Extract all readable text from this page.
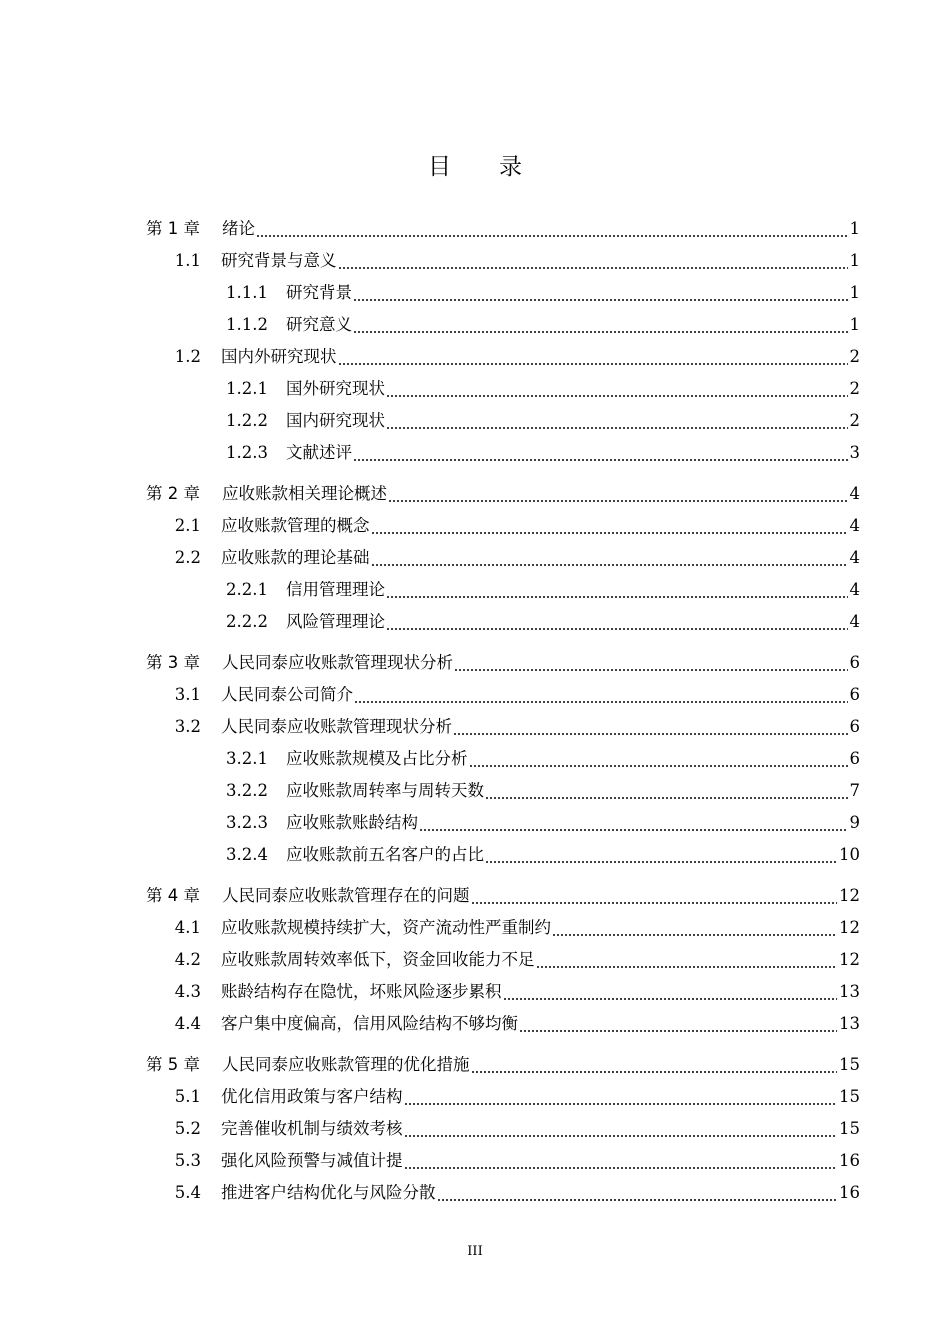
目 录
第 1 章 绪论	1
1.1 研究背景与意义	1
1.1.1 研究背景	1
1.1.2 研究意义	1
1.2 国内外研究现状	2
1.2.1 国外研究现状	2
1.2.2 国内研究现状	2
1.2.3 文献述评	3
第 2 章 应收账款相关理论概述	4
2.1 应收账款管理的概念	4
2.2 应收账款的理论基础	4
2.2.1 信用管理理论	4
2.2.2 风险管理理论	4
第 3 章 人民同泰应收账款管理现状分析	6
3.1 人民同泰公司简介	6
3.2 人民同泰应收账款管理现状分析	6
3.2.1 应收账款规模及占比分析	6
3.2.2 应收账款周转率与周转天数	7
3.2.3 应收账款账龄结构	9
3.2.4 应收账款前五名客户的占比	10
第 4 章 人民同泰应收账款管理存在的问题	12
4.1 应收账款规模持续扩大，资产流动性严重制约	12
4.2 应收账款周转效率低下，资金回收能力不足	12
4.3 账龄结构存在隐忧，坏账风险逐步累积	13
4.4 客户集中度偏高，信用风险结构不够均衡	13
第 5 章 人民同泰应收账款管理的优化措施	15
5.1 优化信用政策与客户结构	15
5.2 完善催收机制与绩效考核	15
5.3 强化风险预警与减值计提	16
5.4 推进客户结构优化与风险分散	16
III
